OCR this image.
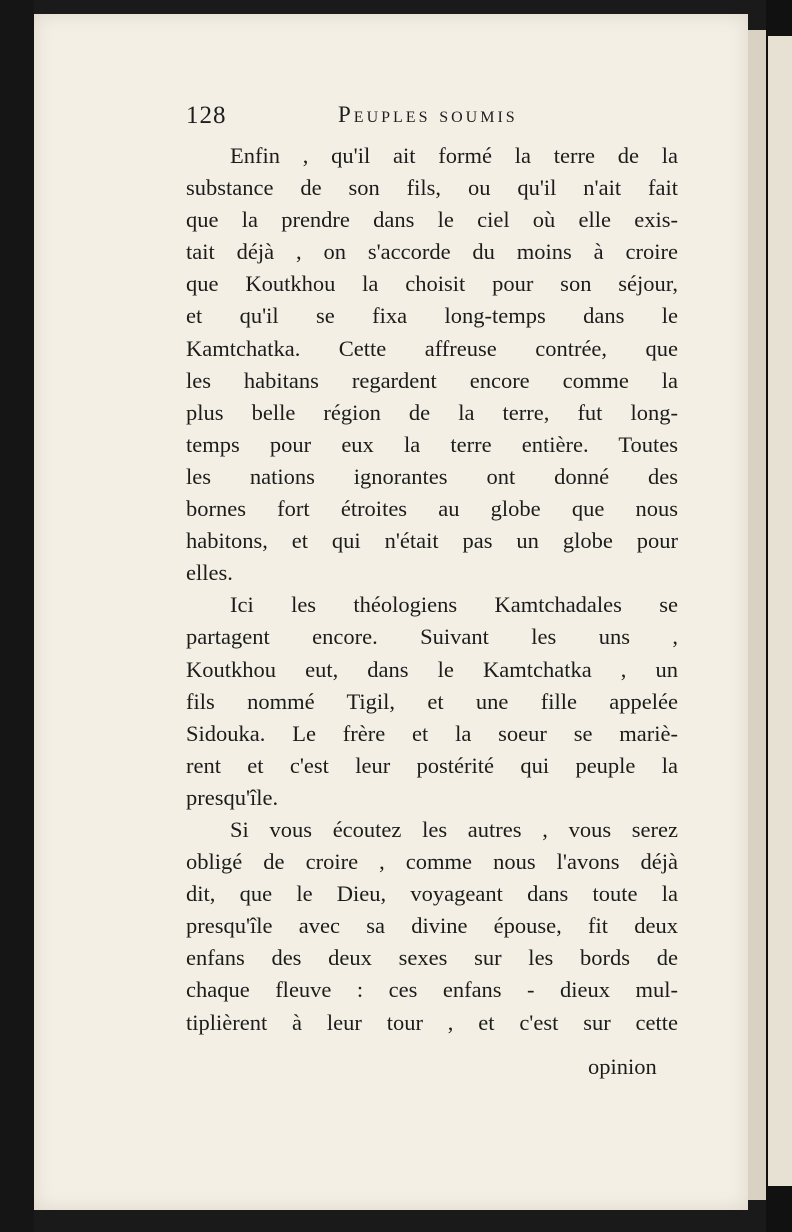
128	Peuples soumis
Enfin , qu'il ait formé la terre de la
substance de son fils, ou qu'il n'ait fait
que la prendre dans le ciel où elle exis-
tait déjà , on s'accorde du moins à croire
que Koutkhou la choisit pour son séjour,
et qu'il se fixa long-temps dans le
Kamtchatka. Cette affreuse contrée, que
les habitans regardent encore comme la
plus belle région de la terre, fut long-
temps pour eux la terre entière. Toutes
les nations ignorantes ont donné des
bornes fort étroites au globe que nous
habitons, et qui n'était pas un globe pour
elles.
Ici les théologiens Kamtchadales se
partagent encore. Suivant les uns ,
Koutkhou eut, dans le Kamtchatka , un
fils nommé Tigil, et une fille appelée
Sidouka. Le frère et la soeur se mariè-
rent et c'est leur postérité qui peuple la
presqu'île.
Si vous écoutez les autres , vous serez
obligé de croire , comme nous l'avons déjà
dit, que le Dieu, voyageant dans toute la
presqu'île avec sa divine épouse, fit deux
enfans des deux sexes sur les bords de
chaque fleuve : ces enfans - dieux mul-
tiplièrent à leur tour , et c'est sur cette
opinion
